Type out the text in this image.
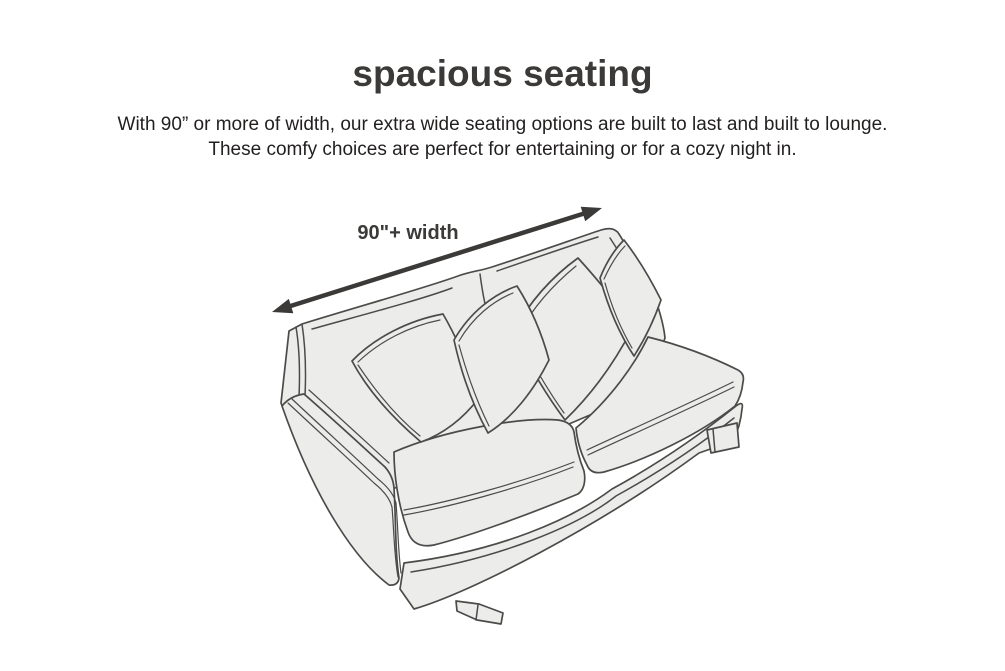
spacious seating

With 90” or more of width, our extra wide seating options are built to last and built to lounge.

These comfy choices are perfect for entertaining or for a cozy night in.

90"+ width
